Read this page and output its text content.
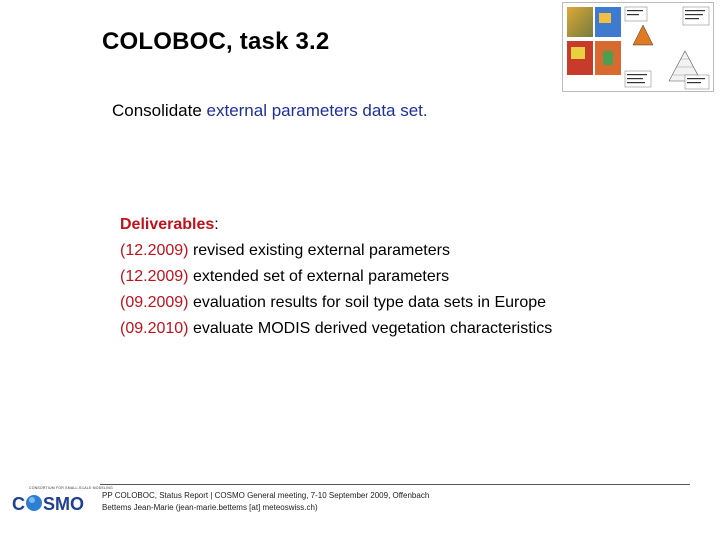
COLOBOC, task 3.2
Consolidate external parameters data set.
Deliverables:
(12.2009) revised existing external parameters
(12.2009) extended set of external parameters
(09.2009) evaluation results for soil type data sets in Europe
(09.2010) evaluate MODIS derived vegetation characteristics
C SMO
CONSORTIUM FOR SMALL-SCALE MODELING
PP COLOBOC, Status Report | COSMO General meeting, 7-10 September 2009, Offenbach
Bettems Jean-Marie (jean-marie.bettems [at] meteoswiss.ch)
